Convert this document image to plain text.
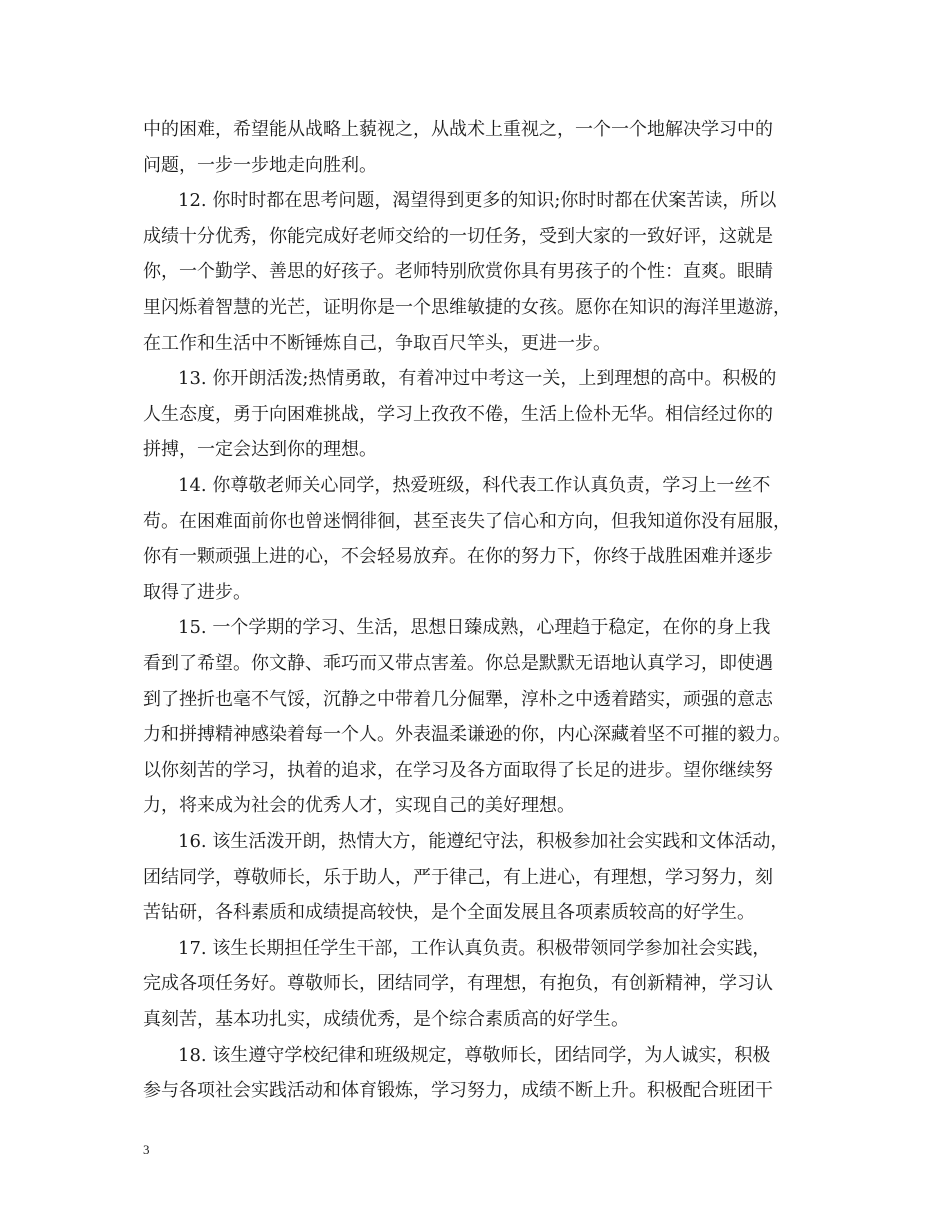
中的困难，希望能从战略上藐视之，从战术上重视之，一个一个地解决学习中的
问题，一步一步地走向胜利。
12. 你时时都在思考问题，渴望得到更多的知识;你时时都在伏案苦读，所以
成绩十分优秀，你能完成好老师交给的一切任务，受到大家的一致好评，这就是
你，一个勤学、善思的好孩子。老师特别欣赏你具有男孩子的个性：直爽。眼睛
里闪烁着智慧的光芒，证明你是一个思维敏捷的女孩。愿你在知识的海洋里遨游，
在工作和生活中不断锤炼自己，争取百尺竿头，更进一步。
13. 你开朗活泼;热情勇敢，有着冲过中考这一关，上到理想的高中。积极的
人生态度，勇于向困难挑战，学习上孜孜不倦，生活上俭朴无华。相信经过你的
拼搏，一定会达到你的理想。
14. 你尊敬老师关心同学，热爱班级，科代表工作认真负责，学习上一丝不
苟。在困难面前你也曾迷惘徘徊，甚至丧失了信心和方向，但我知道你没有屈服，
你有一颗顽强上进的心，不会轻易放弃。在你的努力下，你终于战胜困难并逐步
取得了进步。
15. 一个学期的学习、生活，思想日臻成熟，心理趋于稳定，在你的身上我
看到了希望。你文静、乖巧而又带点害羞。你总是默默无语地认真学习，即使遇
到了挫折也毫不气馁，沉静之中带着几分倔犟，淳朴之中透着踏实，顽强的意志
力和拼搏精神感染着每一个人。外表温柔谦逊的你，内心深藏着坚不可摧的毅力。
以你刻苦的学习，执着的追求，在学习及各方面取得了长足的进步。望你继续努
力，将来成为社会的优秀人才，实现自己的美好理想。
16. 该生活泼开朗，热情大方，能遵纪守法，积极参加社会实践和文体活动，
团结同学，尊敬师长，乐于助人，严于律己，有上进心，有理想，学习努力，刻
苦钻研，各科素质和成绩提高较快，是个全面发展且各项素质较高的好学生。
17. 该生长期担任学生干部，工作认真负责。积极带领同学参加社会实践，
完成各项任务好。尊敬师长，团结同学，有理想，有抱负，有创新精神，学习认
真刻苦，基本功扎实，成绩优秀，是个综合素质高的好学生。
18. 该生遵守学校纪律和班级规定，尊敬师长，团结同学，为人诚实，积极
参与各项社会实践活动和体育锻炼，学习努力，成绩不断上升。积极配合班团干
3
